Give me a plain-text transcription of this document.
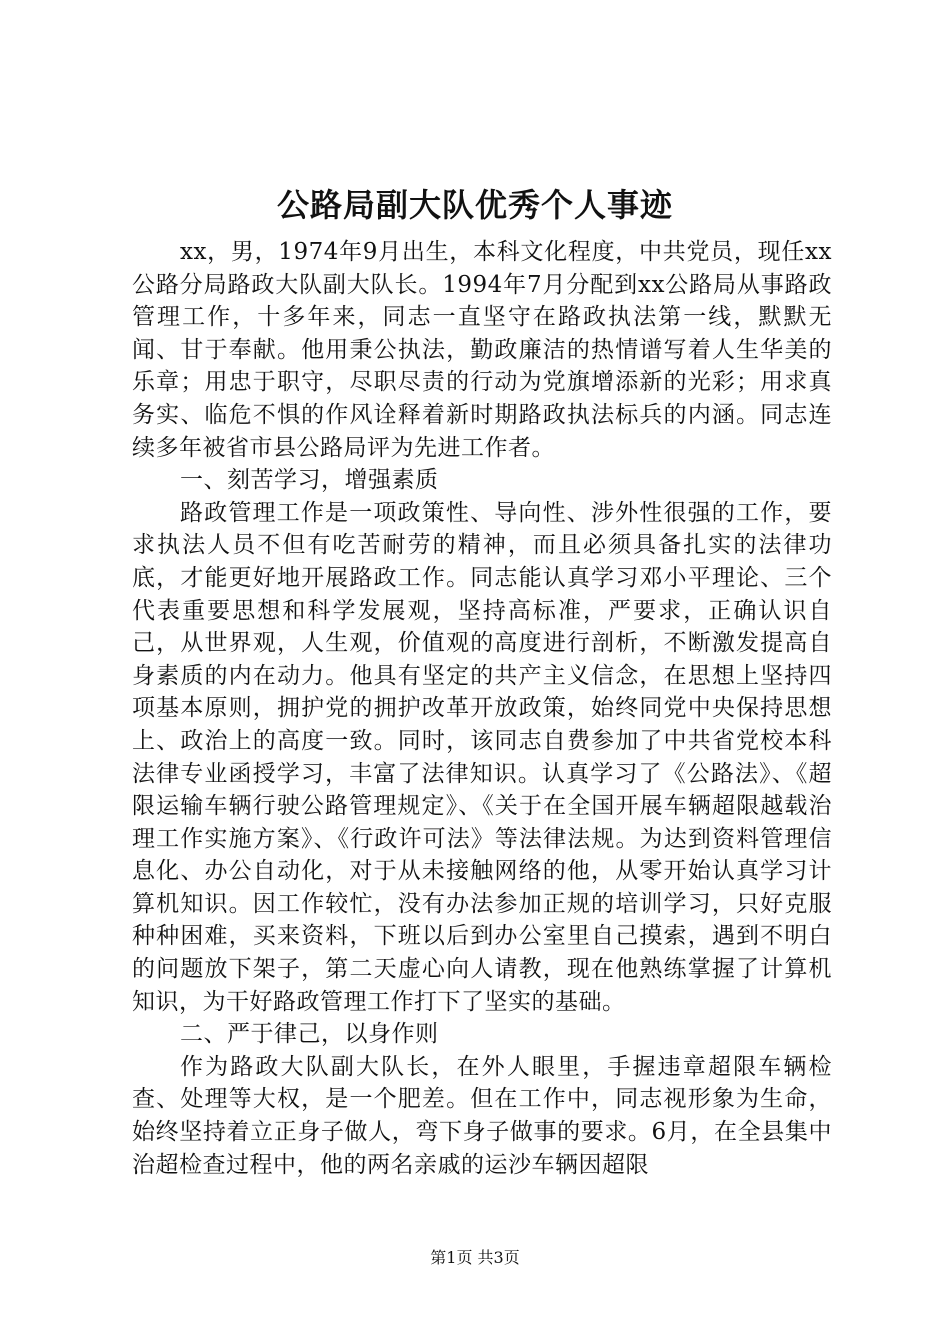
公路局副大队优秀个人事迹

xx，男，1974年9月出生，本科文化程度，中共党员，现任xx公路分局路政大队副大队长。1994年7月分配到xx公路局从事路政管理工作，十多年来，同志一直坚守在路政执法第一线，默默无闻、甘于奉献。他用秉公执法，勤政廉洁的热情谱写着人生华美的乐章；用忠于职守，尽职尽责的行动为党旗增添新的光彩；用求真务实、临危不惧的作风诠释着新时期路政执法标兵的内涵。同志连续多年被省市县公路局评为先进工作者。

一、刻苦学习，增强素质

路政管理工作是一项政策性、导向性、涉外性很强的工作，要求执法人员不但有吃苦耐劳的精神，而且必须具备扎实的法律功底，才能更好地开展路政工作。同志能认真学习邓小平理论、三个代表重要思想和科学发展观，坚持高标准，严要求，正确认识自己，从世界观，人生观，价值观的高度进行剖析，不断激发提高自身素质的内在动力。他具有坚定的共产主义信念，在思想上坚持四项基本原则，拥护党的拥护改革开放政策，始终同党中央保持思想上、政治上的高度一致。同时，该同志自费参加了中共省党校本科法律专业函授学习，丰富了法律知识。认真学习了《公路法》、《超限运输车辆行驶公路管理规定》、《关于在全国开展车辆超限越载治理工作实施方案》、《行政许可法》等法律法规。为达到资料管理信息化、办公自动化，对于从未接触网络的他，从零开始认真学习计算机知识。因工作较忙，没有办法参加正规的培训学习，只好克服种种困难，买来资料，下班以后到办公室里自己摸索，遇到不明白的问题放下架子，第二天虚心向人请教，现在他熟练掌握了计算机知识，为干好路政管理工作打下了坚实的基础。

二、严于律己，以身作则

作为路政大队副大队长，在外人眼里，手握违章超限车辆检查、处理等大权，是一个肥差。但在工作中，同志视形象为生命，始终坚持着立正身子做人，弯下身子做事的要求。6月，在全县集中治超检查过程中，他的两名亲戚的运沙车辆因超限

第1页 共3页
